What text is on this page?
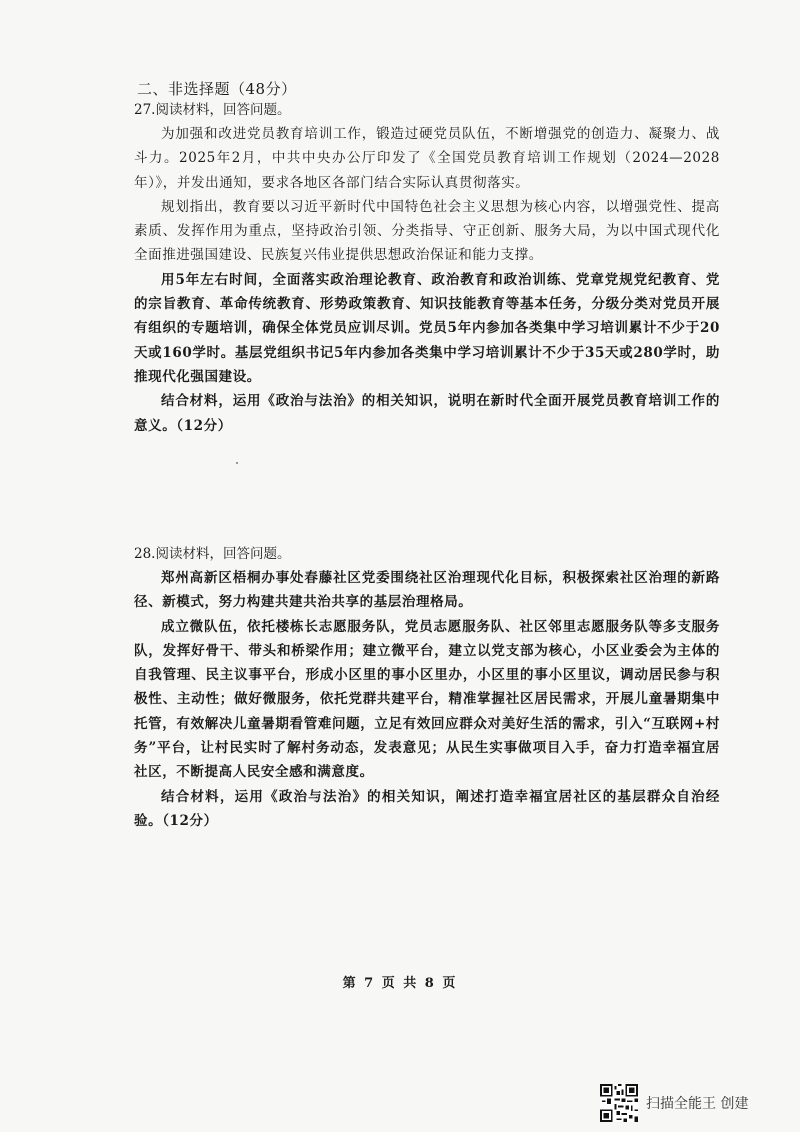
二、非选择题（48分）

27.阅读材料，回答问题。

为加强和改进党员教育培训工作，锻造过硬党员队伍，不断增强党的创造力、凝聚力、战斗力。2025年2月，中共中央办公厅印发了《全国党员教育培训工作规划（2024—2028年）》，并发出通知，要求各地区各部门结合实际认真贯彻落实。

规划指出，教育要以习近平新时代中国特色社会主义思想为核心内容，以增强党性、提高素质、发挥作用为重点，坚持政治引领、分类指导、守正创新、服务大局，为以中国式现代化全面推进强国建设、民族复兴伟业提供思想政治保证和能力支撑。

用5年左右时间，全面落实政治理论教育、政治教育和政治训练、党章党规党纪教育、党的宗旨教育、革命传统教育、形势政策教育、知识技能教育等基本任务，分级分类对党员开展有组织的专题培训，确保全体党员应训尽训。党员5年内参加各类集中学习培训累计不少于20天或160学时。基层党组织书记5年内参加各类集中学习培训累计不少于35天或280学时，助推现代化强国建设。

结合材料，运用《政治与法治》的相关知识，说明在新时代全面开展党员教育培训工作的意义。（12分）

28.阅读材料，回答问题。

郑州高新区梧桐办事处春藤社区党委围绕社区治理现代化目标，积极探索社区治理的新路径、新模式，努力构建共建共治共享的基层治理格局。

成立微队伍，依托楼栋长志愿服务队，党员志愿服务队、社区邻里志愿服务队等多支服务队，发挥好骨干、带头和桥梁作用；建立微平台，建立以党支部为核心，小区业委会为主体的自我管理、民主议事平台，形成小区里的事小区里办，小区里的事小区里议，调动居民参与积极性、主动性；做好微服务，依托党群共建平台，精准掌握社区居民需求，开展儿童暑期集中托管，有效解决儿童暑期看管难问题，立足有效回应群众对美好生活的需求，引入“互联网+村务”平台，让村民实时了解村务动态，发表意见；从民生实事做项目入手，奋力打造幸福宜居社区，不断提高人民安全感和满意度。

结合材料，运用《政治与法治》的相关知识，阐述打造幸福宜居社区的基层群众自治经验。（12分）

第 7 页 共 8 页
扫描全能王 创建
